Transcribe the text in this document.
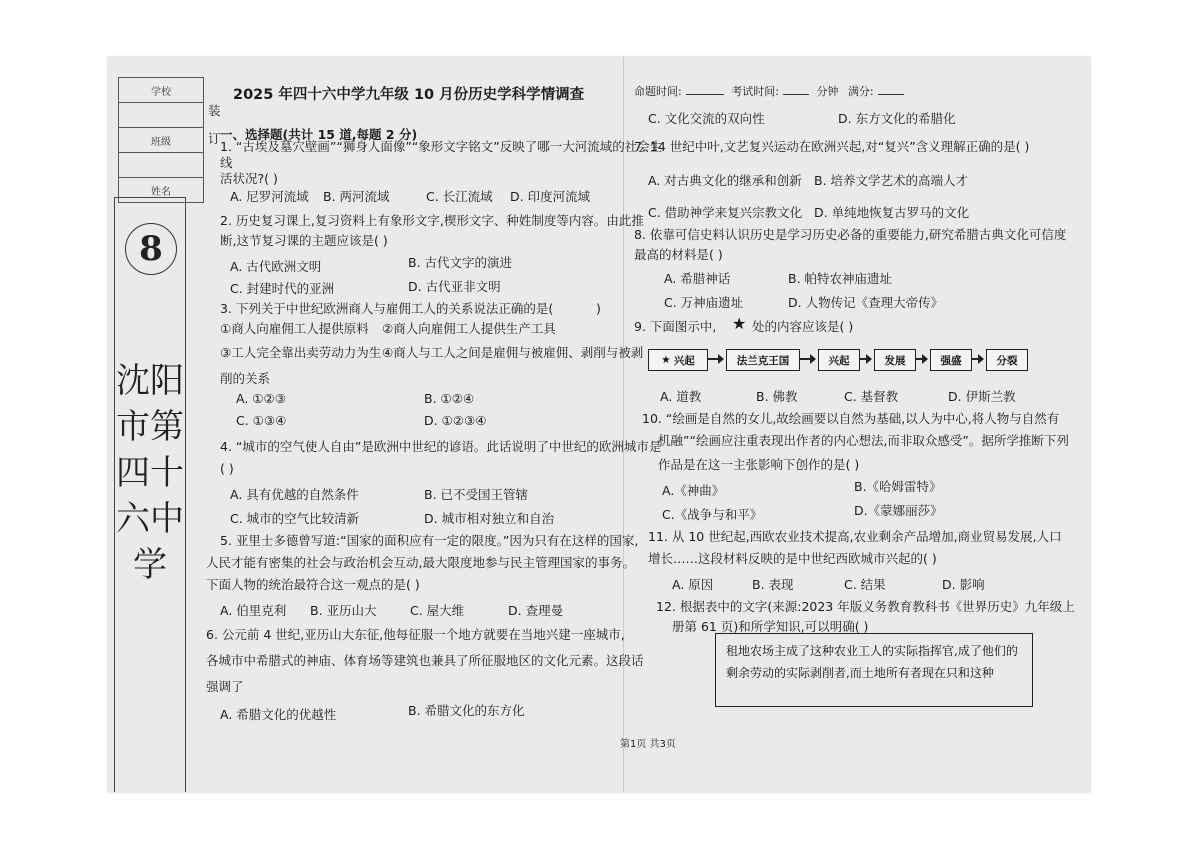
学校

班级

姓名
8
沈阳市第四十六中学
装
订
2025 年四十六中学九年级 10 月份历史学科学情调查	命题时间:	考试时间:	分钟 满分:
一、选择题(共计 15 道,每题 2 分)
1. “古埃及墓穴壁画”“狮身人面像”“象形文字铭文”反映了哪一大河流域的社会生
线
活状况?( )
A. 尼罗河流域 B. 两河流域	C. 长江流域 D. 印度河流域
2. 历史复习课上,复习资料上有象形文字,楔形文字、种姓制度等内容。由此推
断,这节复习课的主题应该是( )
A. 古代欧洲文明	B. 古代文字的演进
C. 封建时代的亚洲	D. 古代亚非文明
3. 下列关于中世纪欧洲商人与雇佣工人的关系说法正确的是(	)
①商人向雇佣工人提供原料 ②商人向雇佣工人提供生产工具
③工人完全靠出卖劳动力为生 ④商人与工人之间是雇佣与被雇佣、剥削与被剥
削的关系
A. ①②③	B. ①②④
C. ①③④	D. ①②③④
4. “城市的空气使人自由”是欧洲中世纪的谚语。此话说明了中世纪的欧洲城市是
( )
A. 具有优越的自然条件	B. 已不受国王管辖
C. 城市的空气比较清新	D. 城市相对独立和自治
5. 亚里士多德曾写道:“国家的面积应有一定的限度。”因为只有在这样的国家,
人民才能有密集的社会与政治机会互动,最大限度地参与民主管理国家的事务。
下面人物的统治最符合这一观点的是( )
A. 伯里克利 B. 亚历山大	C. 屋大维	D. 查理曼
6. 公元前 4 世纪,亚历山大东征,他每征服一个地方就要在当地兴建一座城市,
各城市中希腊式的神庙、体育场等建筑也兼具了所征服地区的文化元素。这段话
强调了
A. 希腊文化的优越性	B. 希腊文化的东方化
C. 文化交流的双向性	D. 东方文化的希腊化
7. 14 世纪中叶,文艺复兴运动在欧洲兴起,对“复兴”含义理解正确的是( )
A. 对古典文化的继承和创新 B. 培养文学艺术的高端人才
C. 借助神学来复兴宗教文化 D. 单纯地恢复古罗马的文化
8. 依靠可信史料认识历史是学习历史必备的重要能力,研究希腊古典文化可信度
最高的材料是( )
A. 希腊神话	B. 帕特农神庙遗址
C. 万神庙遗址	D. 人物传记《查理大帝传》
9. 下面图示中, ★ 处的内容应该是( )
★ 兴起	法兰克王国	兴起	发展	强盛	分裂
A. 道教	B. 佛教	C. 基督教	D. 伊斯兰教
10. “绘画是自然的女儿,故绘画要以自然为基础,以人为中心,将人物与自然有
机融”“绘画应注重表现出作者的内心想法,而非取众感受”。据所学推断下列
作品是在这一主张影响下创作的是( )
A.《神曲》	B.《哈姆雷特》
C.《战争与和平》	D.《蒙娜丽莎》
11. 从 10 世纪起,西欧农业技术提高,农业剩余产品增加,商业贸易发展,人口
增长……这段材料反映的是中世纪西欧城市兴起的( )
A. 原因	B. 表现	C. 结果	D. 影响
12. 根据表中的文字(来源:2023 年版义务教育教科书《世界历史》九年级上
册第 61 页)和所学知识,可以明确( )
租地农场主成了这种农业工人的实际指挥官,成了他们的剩余劳动的实际剥削者,而土地所有者现在只和这种
第1页 共3页
